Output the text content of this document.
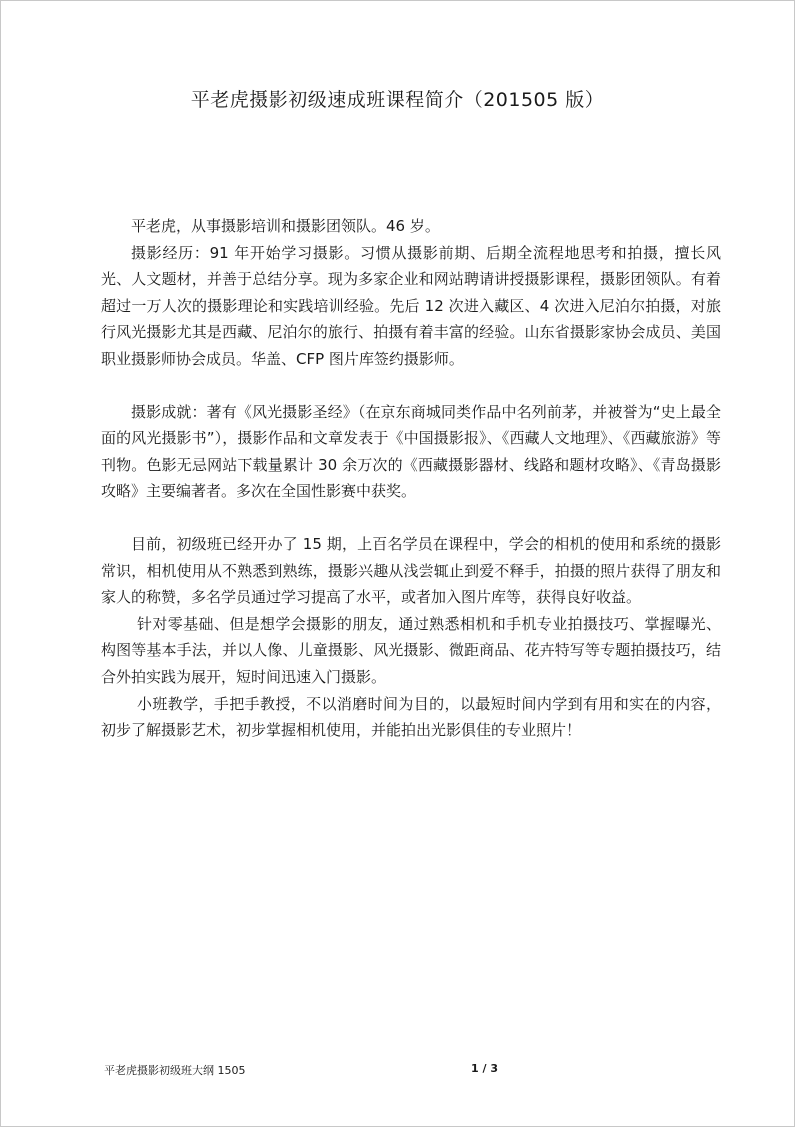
平老虎摄影初级速成班课程简介（201505 版）

平老虎，从事摄影培训和摄影团领队。46 岁。

摄影经历：91 年开始学习摄影。习惯从摄影前期、后期全流程地思考和拍摄，擅长风光、人文题材，并善于总结分享。现为多家企业和网站聘请讲授摄影课程，摄影团领队。有着超过一万人次的摄影理论和实践培训经验。先后 12 次进入藏区、4 次进入尼泊尔拍摄，对旅行风光摄影尤其是西藏、尼泊尔的旅行、拍摄有着丰富的经验。山东省摄影家协会成员、美国职业摄影师协会成员。华盖、CFP 图片库签约摄影师。

摄影成就：著有《风光摄影圣经》（在京东商城同类作品中名列前茅，并被誉为“史上最全面的风光摄影书”），摄影作品和文章发表于《中国摄影报》、《西藏人文地理》、《西藏旅游》等刊物。色影无忌网站下载量累计 30 余万次的《西藏摄影器材、线路和题材攻略》、《青岛摄影攻略》主要编著者。多次在全国性影赛中获奖。

目前，初级班已经开办了 15 期，上百名学员在课程中，学会的相机的使用和系统的摄影常识，相机使用从不熟悉到熟练，摄影兴趣从浅尝辄止到爱不释手，拍摄的照片获得了朋友和家人的称赞，多名学员通过学习提高了水平，或者加入图片库等，获得良好收益。

针对零基础、但是想学会摄影的朋友，通过熟悉相机和手机专业拍摄技巧、掌握曝光、构图等基本手法，并以人像、儿童摄影、风光摄影、微距商品、花卉特写等专题拍摄技巧，结合外拍实践为展开，短时间迅速入门摄影。

小班教学，手把手教授，不以消磨时间为目的，以最短时间内学到有用和实在的内容，初步了解摄影艺术，初步掌握相机使用，并能拍出光影俱佳的专业照片！

平老虎摄影初级班大纲 1505	1 / 3
